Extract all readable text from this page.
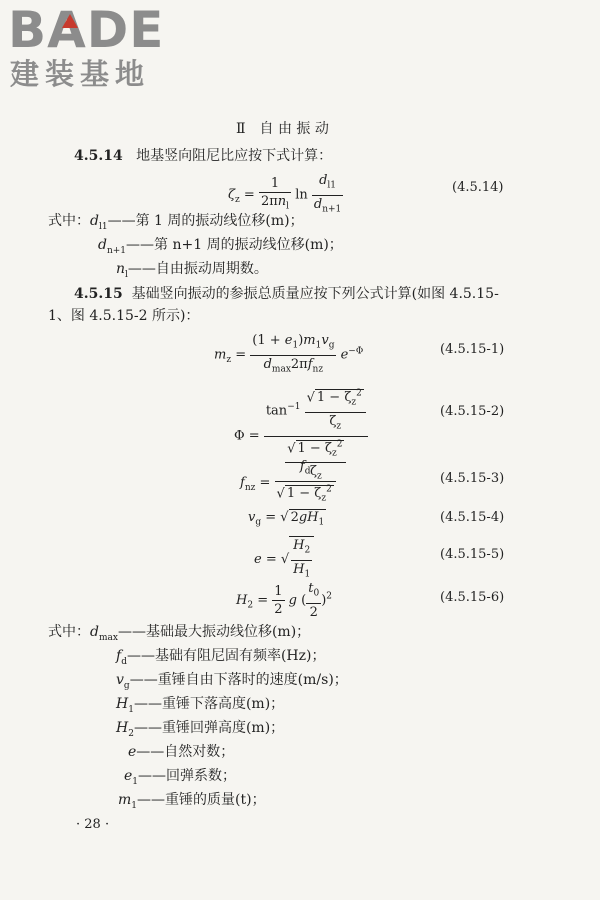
BADE
建装基地
Ⅱ　自 由 振 动
4.5.14 地基竖向阻尼比应按下式计算：
$\zeta_z = \frac{1}{2\pi n_l}$ $\ln \frac{d_{l1}}{d_{n+1}}$	(4.5.14)
式中：$d_{l1}——$第 1 周的振动线位移(m)；
$d_{n+1}——$第 n+1 周的振动线位移(m)；
$n_l——$自由振动周期数。
4.5.15 基础竖向振动的参振总质量应按下列公式计算(如图 4.5.15-
1、图 4.5.15-2 所示)：
$m_z = \frac{(1 + e_1)m_1v_g}{d_{max}2\pi f_{nz}} e^{-\Phi}$	(4.5.15-1)
$\Phi = \frac{\tan^{-1} \frac{√ 1 - \zeta_z^2}{\zeta_z}}{\frac{√ 1 - \zeta_z^2}{\zeta_z}}$	(4.5.15-2)
$f_{nz} = \frac{f_d}{√ 1 - \zeta_z^2}$	(4.5.15-3)
$v_g$ = √ $2gH_1$	(4.5.15-4)
e = √ $\frac{H_2}{H_1}$	(4.5.15-5)
$H_2 = \frac{1}{2}$ g ( $\frac{t_0}{2} )^2$	(4.5.15-6)
式中：$d_{max}——$基础最大振动线位移(m)；
$f_d——$基础有阻尼固有频率(Hz)；
$v_g——$重锤自由下落时的速度(m/s)；
$H_1——$重锤下落高度(m)；
$H_2——$重锤回弹高度(m)；
e——自然对数；
$e_1——$回弹系数；
$m_1——$重锤的质量(t)；
· 28 ·
